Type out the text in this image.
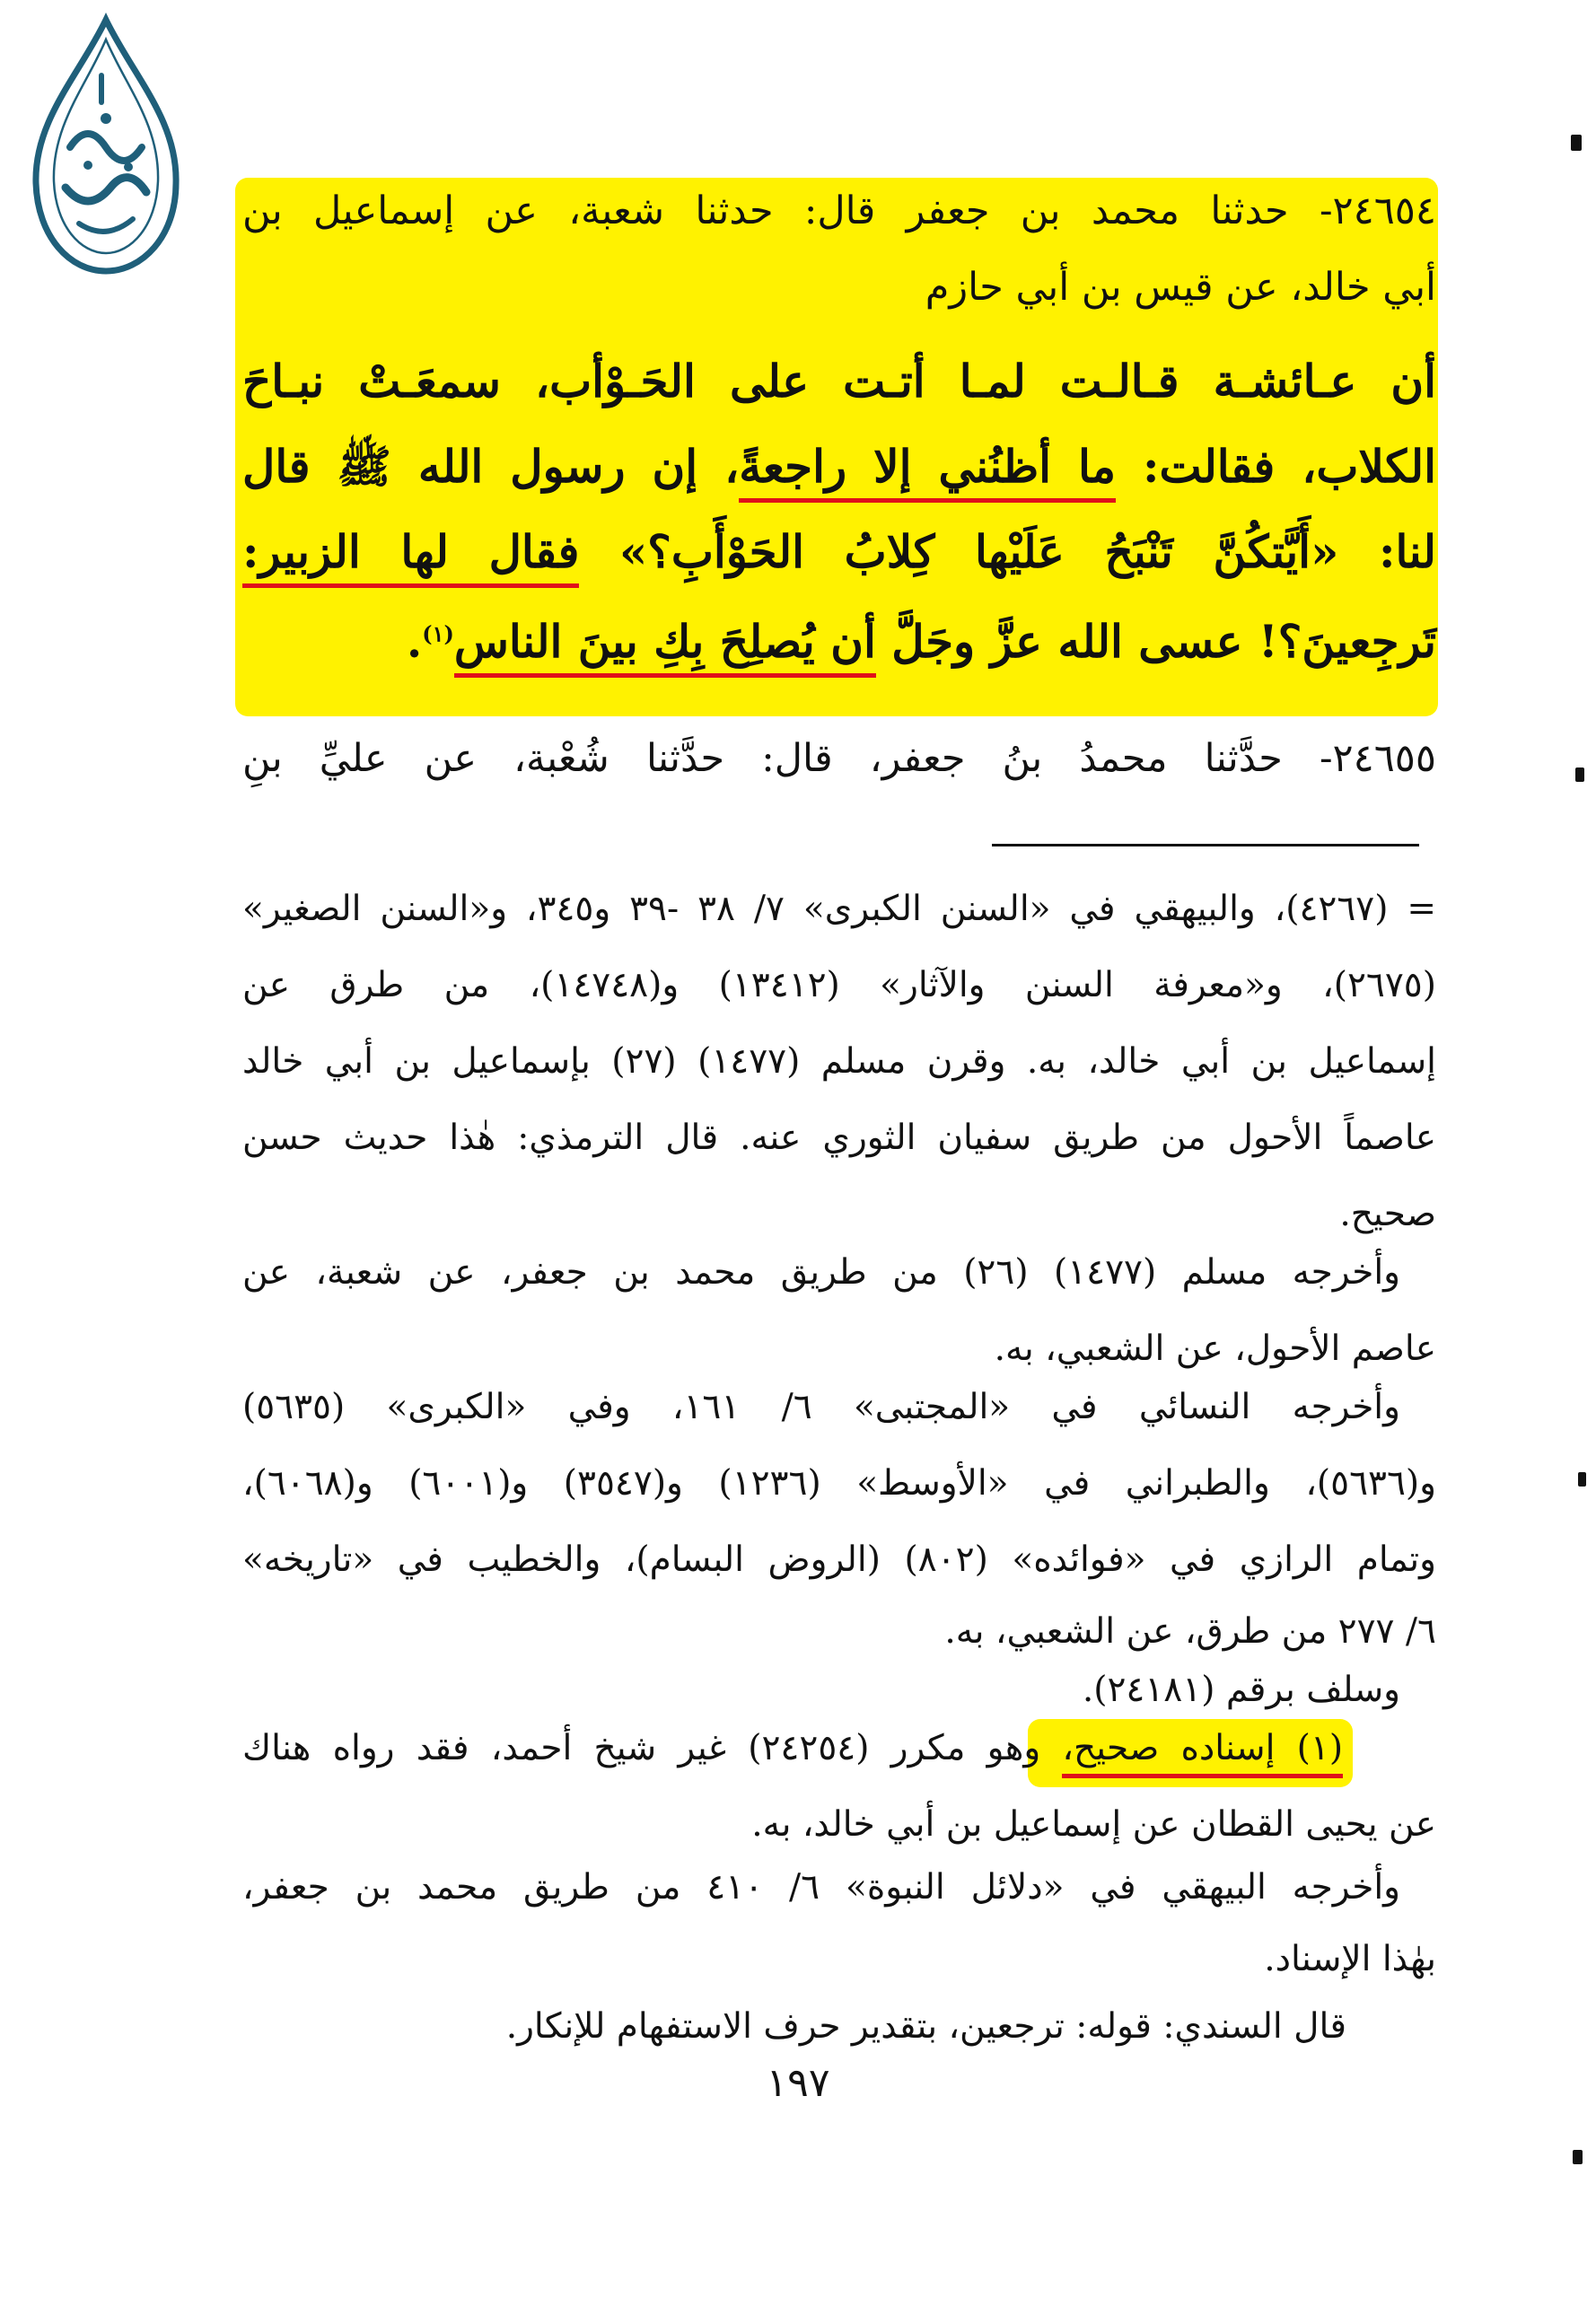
٢٤٦٥٤- حدثنا محمد بن جعفر قال: حدثنا شعبة، عن إسماعيل بن
أبي خالد، عن قيس بن أبي حازم
أن عـائشـة قـالـت لمـا أتـت على الحَـوْأب، سمعَـتْ نبـاحَ
الكلاب، فقالت: ما أظنُني إلا راجعةً، إن رسول الله ﷺ قال
لنا: «أَيَّتكُنَّ تَنْبَحُ عَلَيْها كِلابُ الحَوْأَبِ؟» فقال لها الزبير:
تَرجِعينَ؟! عسى الله عزَّ وجَلَّ أن يُصلِحَ بِكِ بينَ الناس$^{(١)}$.
٢٤٦٥٥- حدَّثنا محمدُ بنُ جعفر، قال: حدَّثنا شُعْبة، عن عليِّ بنِ
= (٤٢٦٧)، والبيهقي في «السنن الكبرى» ٧/ ٣٨ -٣٩ و٣٤٥، و«السنن الصغير»
(٢٦٧٥)، و«معرفة السنن والآثار» (١٣٤١٢) و(١٤٧٤٨)، من طرق عن
إسماعيل بن أبي خالد، به. وقرن مسلم (١٤٧٧) (٢٧) بإسماعيل بن أبي خالد
عاصماً الأحول من طريق سفيان الثوري عنه. قال الترمذي: هٰذا حديث حسن
صحيح.
وأخرجه مسلم (١٤٧٧) (٢٦) من طريق محمد بن جعفر، عن شعبة، عن
عاصم الأحول، عن الشعبي، به.
وأخرجه النسائي في «المجتبى» ٦/ ١٦١، وفي «الكبرى» (٥٦٣٥)
و(٥٦٣٦)، والطبراني في «الأوسط» (١٢٣٦) و(٣٥٤٧) و(٦٠٠١) و(٦٠٦٨)،
وتمام الرازي في «فوائده» (٨٠٢) (الروض البسام)، والخطيب في «تاريخه»
٦/ ٢٧٧ من طرق، عن الشعبي، به.
وسلف برقم (٢٤١٨١).
(١) إسناده صحيح، وهو مكرر (٢٤٢٥٤) غير شيخ أحمد، فقد رواه هناك
عن يحيى القطان عن إسماعيل بن أبي خالد، به.
وأخرجه البيهقي في «دلائل النبوة» ٦/ ٤١٠ من طريق محمد بن جعفر،
بهٰذا الإسناد.
قال السندي: قوله: ترجعين، بتقدير حرف الاستفهام للإنكار.
١٩٧
